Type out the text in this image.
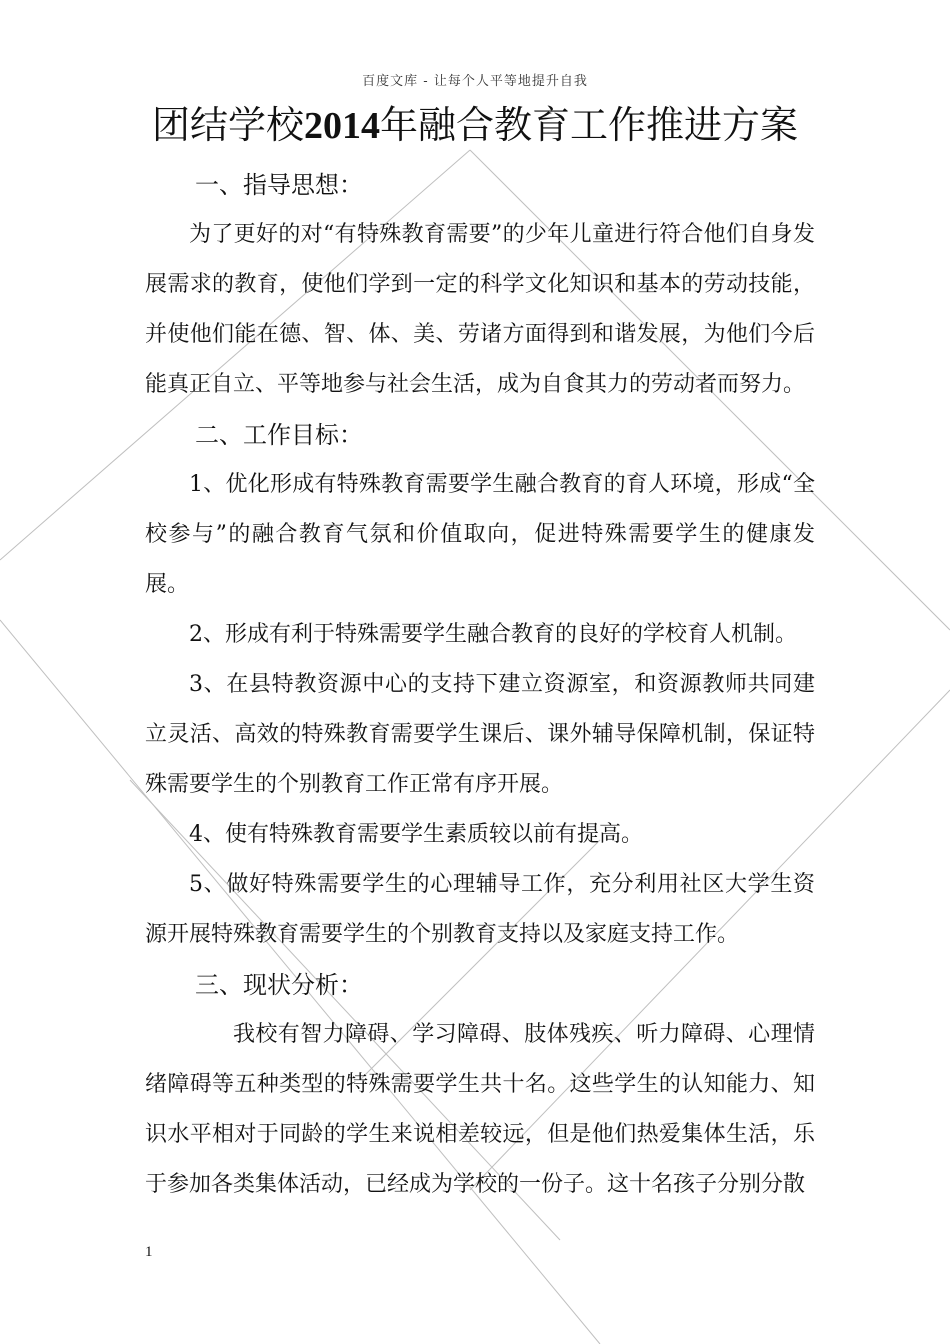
百度文库 - 让每个人平等地提升自我
团结学校2014年融合教育工作推进方案

一、指导思想：

为了更好的对“有特殊教育需要”的少年儿童进行符合他们自身发展需求的教育，使他们学到一定的科学文化知识和基本的劳动技能，并使他们能在德、智、体、美、劳诸方面得到和谐发展，为他们今后能真正自立、平等地参与社会生活，成为自食其力的劳动者而努力。

二、工作目标：

1、优化形成有特殊教育需要学生融合教育的育人环境，形成“全校参与”的融合教育气氛和价值取向，促进特殊需要学生的健康发展。

2、形成有利于特殊需要学生融合教育的良好的学校育人机制。

3、在县特教资源中心的支持下建立资源室，和资源教师共同建立灵活、高效的特殊教育需要学生课后、课外辅导保障机制，保证特殊需要学生的个别教育工作正常有序开展。

4、使有特殊教育需要学生素质较以前有提高。

5、做好特殊需要学生的心理辅导工作，充分利用社区大学生资源开展特殊教育需要学生的个别教育支持以及家庭支持工作。

三、现状分析：

我校有智力障碍、学习障碍、肢体残疾、听力障碍、心理情绪障碍等五种类型的特殊需要学生共十名。这些学生的认知能力、知识水平相对于同龄的学生来说相差较远，但是他们热爱集体生活，乐于参加各类集体活动，已经成为学校的一份子。这十名孩子分别分散

1
